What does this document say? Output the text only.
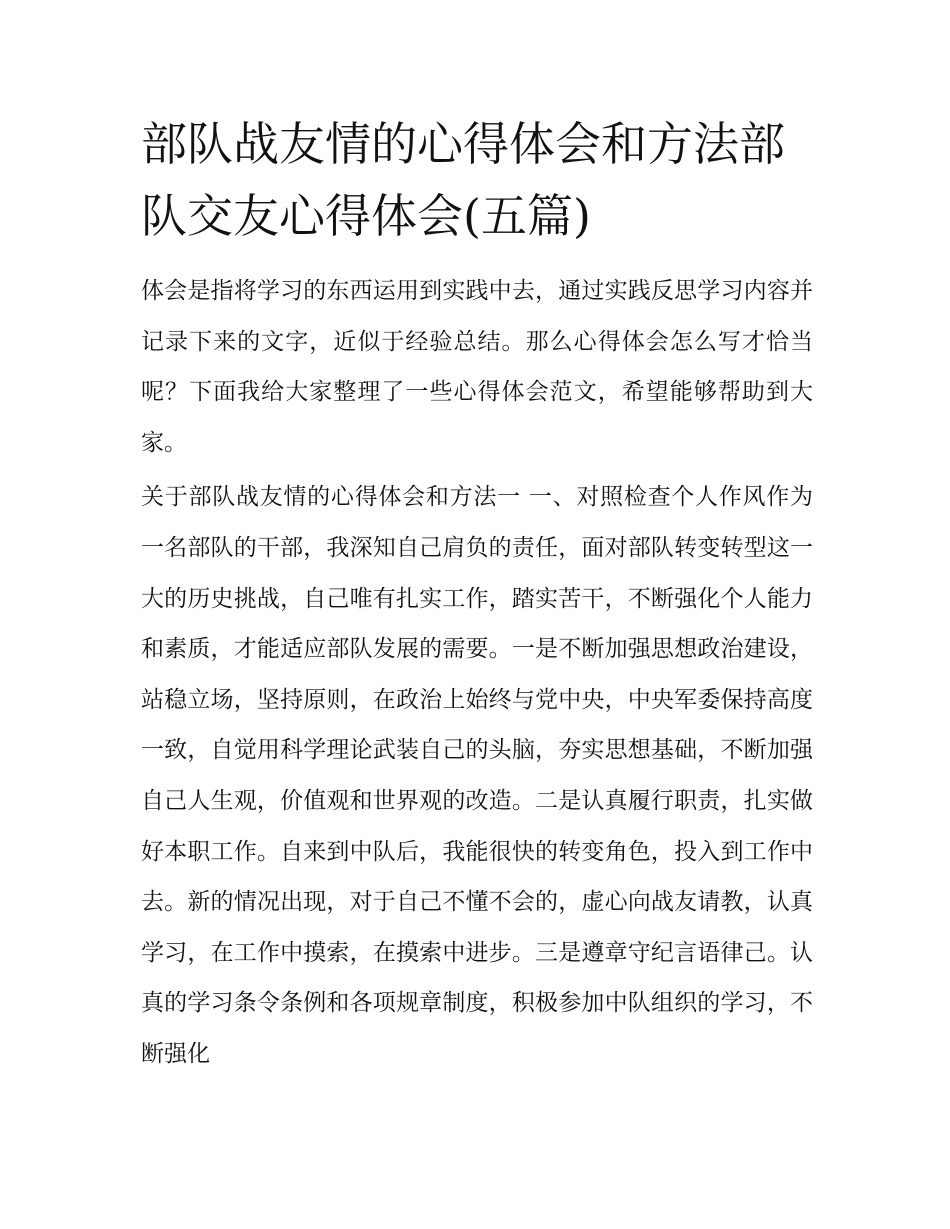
部队战友情的心得体会和方法部队交友心得体会(五篇)

体会是指将学习的东西运用到实践中去，通过实践反思学习内容并记录下来的文字，近似于经验总结。那么心得体会怎么写才恰当呢？下面我给大家整理了一些心得体会范文，希望能够帮助到大家。

关于部队战友情的心得体会和方法一 一、对照检查个人作风作为一名部队的干部，我深知自己肩负的责任，面对部队转变转型这一大的历史挑战，自己唯有扎实工作，踏实苦干，不断强化个人能力和素质，才能适应部队发展的需要。一是不断加强思想政治建设，站稳立场，坚持原则，在政治上始终与党中央，中央军委保持高度一致，自觉用科学理论武装自己的头脑，夯实思想基础，不断加强自己人生观，价值观和世界观的改造。二是认真履行职责，扎实做好本职工作。自来到中队后，我能很快的转变角色，投入到工作中去。新的情况出现，对于自己不懂不会的，虚心向战友请教，认真学习，在工作中摸索，在摸索中进步。三是遵章守纪言语律己。认真的学习条令条例和各项规章制度，积极参加中队组织的学习，不断强化
